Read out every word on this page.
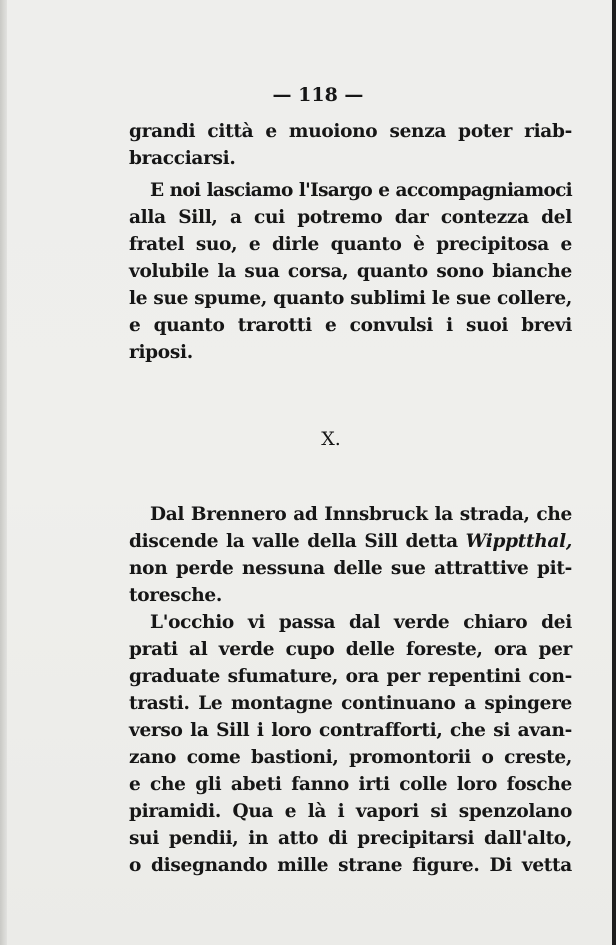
— 118 —
grandi città e muoiono senza poter riab-
bracciarsi.
E noi lasciamo l'Isargo e accompagniamoci
alla Sill, a cui potremo dar contezza del
fratel suo, e dirle quanto è precipitosa e
volubile la sua corsa, quanto sono bianche
le sue spume, quanto sublimi le sue collere,
e quanto trarotti e convulsi i suoi brevi
riposi.
X.
Dal Brennero ad Innsbruck la strada, che
discende la valle della Sill detta Wipptthal,
non perde nessuna delle sue attrattive pit-
toresche.
L'occhio vi passa dal verde chiaro dei
prati al verde cupo delle foreste, ora per
graduate sfumature, ora per repentini con-
trasti. Le montagne continuano a spingere
verso la Sill i loro contrafforti, che si avan-
zano come bastioni, promontorii o creste,
e che gli abeti fanno irti colle loro fosche
piramidi. Qua e là i vapori si spenzolano
sui pendii, in atto di precipitarsi dall'alto,
o disegnando mille strane figure. Di vetta
